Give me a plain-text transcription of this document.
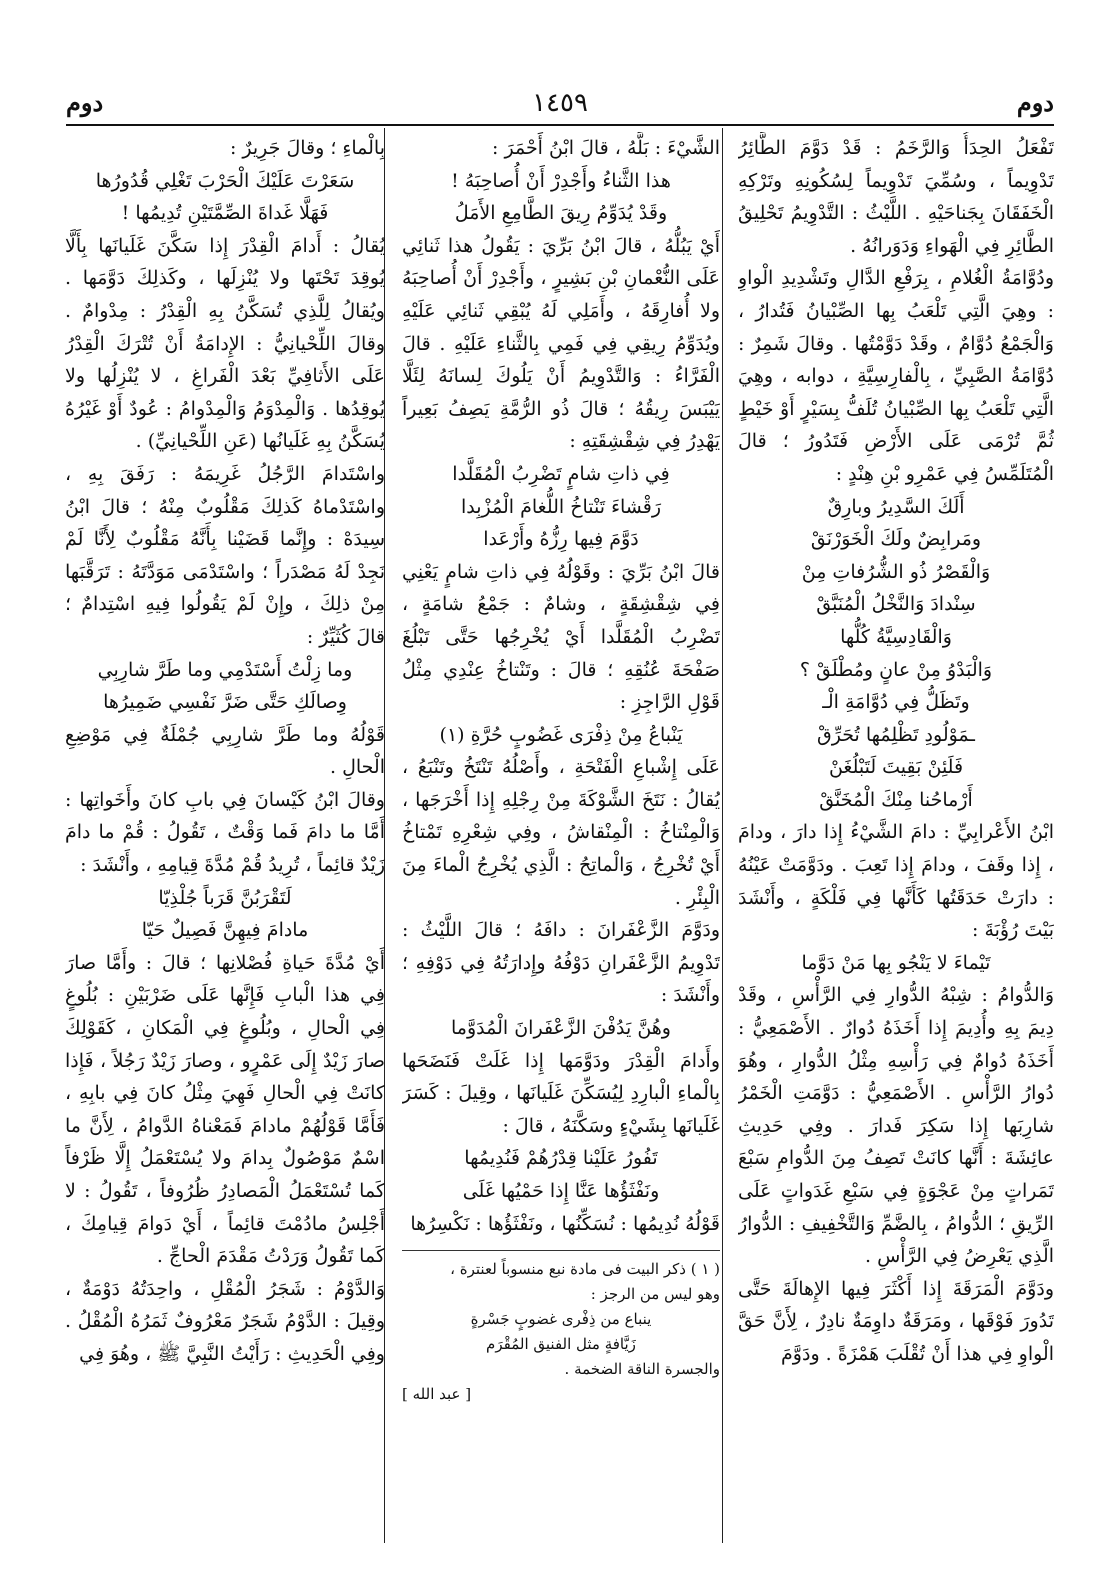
دوم
١٤٥٩
دوم

تَفْعَلُ الحِدَأُ وَالرَّخَمُ : قَدْ دَوَّمَ الطَّائِرُ تَدْوِيماً ، وسُمِّيَ تَدْوِيماً لِسُكُونِهِ وتَرْكِهِ الْخَفَقَانَ بِجَناحَيْهِ . اللَّيْثُ : التَّدْوِيمُ تَحْلِيقُ الطَّائِرِ فِي الْهَواءِ وَدَوَرانُهُ .

ودُوَّامَةُ الْغُلامِ ، بِرَفْعِ الدَّالِ وتَشْدِيدِ الْواوِ : وهِيَ الَّتِي تَلْعَبُ بِها الصِّبْيانُ فَتُدارُ ، وَالْجَمْعُ دُوَّامٌ ، وقَدْ دَوَّمْتُها . وقالَ شَمِرٌ : دُوَّامَةُ الصَّبِيِّ ، بِالْفارِسِيَّةِ ، دوابه ، وهِيَ الَّتِي تَلْعَبُ بِها الصِّبْيانُ تُلَفُّ بِسَيْرٍ أَوْ خَيْطٍ ثُمَّ تُرْمَى عَلَى الأَرْضِ فَتَدُورُ ؛ قالَ الْمُتَلَمِّسُ فِي عَمْرِو بْنِ هِنْدٍ :

أَلَكَ السَّدِيرُ وبارِقٌ

ومَرابِضٌ ولَكَ الْخَوَرْنَقْ

وَالْقَصْرُ ذُو الشُّرُفاتِ مِنْ

سِنْدادَ وَالنَّخْلُ الْمُنَبَّقْ

وَالْقَادِسِيَّةُ كُلُّها

وَالْبَدْوُ مِنْ عانٍ ومُطْلَقْ ؟

وتَظَلُّ فِي دُوَّامَةِ الْـ

ـمَوْلُودِ تَظْلِمُها تُحَرِّقْ

فَلَئِنْ بَقِيتَ لَتَبْلُغَنْ

أَرْماحُنا مِنْكَ الْمُخَنَّقْ

ابْنُ الأَعْرابِيِّ : دامَ الشَّيْءُ إِذا دارَ ، ودامَ ، إِذا وقَفَ ، ودامَ إِذا تَعِبَ . ودَوَّمَتْ عَيْنُهُ : دارَتْ حَدَقَتُها كَأَنَّها فِي فَلْكَةٍ ، وأَنْشَدَ بَيْتَ رُؤْبَةَ :

تَيْماءَ لا يَنْجُو بِها مَنْ دَوَّما

وَالدُّوامُ : شِبْهُ الدُّوارِ فِي الرَّأْسِ ، وقَدْ دِيمَ بِهِ وأُدِيمَ إِذا أَخَذَهُ دُوارٌ . الأَصْمَعِيُّ : أَخَذَهُ دُوامٌ فِي رَأْسِهِ مِثْلُ الدُّوارِ ، وهُوَ دُوارُ الرَّأْسِ . الأَصْمَعِيُّ : دَوَّمَتِ الْخَمْرُ شارِبَها إِذا سَكِرَ فَدارَ . وفِي حَدِيثِ عائِشَةَ : أَنَّها كانَتْ تَصِفُ مِنَ الدُّوامِ سَبْعَ تَمَراتٍ مِنْ عَجْوَةٍ فِي سَبْعِ غَدَواتٍ عَلَى الرِّيقِ ؛ الدُّوامُ ، بِالضَّمِّ وَالتَّخْفِيفِ : الدُّوارُ الَّذِي يَعْرِضُ فِي الرَّأْسِ .

ودَوَّمَ الْمَرَقَةَ إِذا أَكْثَرَ فِيها الإِهالَةَ حَتَّى تَدُورَ فَوْقَها ، ومَرَقَةٌ داوِمَةٌ نادِرٌ ، لِأَنَّ حَقَّ الْواوِ فِي هذا أَنْ تُقْلَبَ هَمْزَةً . ودَوَّمَ

الشَّيْءَ : بَلَّهُ ، قالَ ابْنُ أَحْمَرَ :

هذا الثَّناءُ وأَجْدِرْ أَنْ أُصاحِبَهُ !

وقَدْ يُدَوِّمُ رِيقَ الطَّامِعِ الأَمَلُ

أَيْ يَبُلُّهُ ، قالَ ابْنُ بَرِّيَ : يَقُولُ هذا ثَنائِي عَلَى النُّعْمانِ بْنِ بَشِيرٍ ، وأَجْدِرْ أَنْ أُصاحِبَهُ ولا أُفارِقَهُ ، وأَمَلِي لَهُ يُبْقِي ثَنائِي عَلَيْهِ ويُدَوِّمُ رِيقِي فِي فَمِي بِالثَّناءِ عَلَيْهِ . قالَ الْفَرَّاءُ : وَالتَّدْوِيمُ أَنْ يَلُوكَ لِسانَهُ لِئَلَّا يَيْبَسَ رِيقُهُ ؛ قالَ ذُو الرُّمَّةِ يَصِفُ بَعِيراً يَهْدِرُ فِي شِقْشِقَتِهِ :

فِي ذاتِ شامٍ تَضْرِبُ الْمُقَلَّدا

رَقْشاءَ تَنْتاخُ اللُّغامَ الْمُزْبِدا

دَوَّمَ فِيها رِزُّهُ وأَرْعَدا

قالَ ابْنُ بَرِّيَ : وقَوْلُهُ فِي ذاتِ شامٍ يَعْنِي فِي شِقْشِقَةٍ ، وشامٌ : جَمْعُ شامَةٍ ، تَضْرِبُ الْمُقَلَّدا أَيْ يُخْرِجُها حَتَّى تَبْلُغَ صَفْحَةَ عُنُقِهِ ؛ قالَ : وتَنْتاخُ عِنْدِي مِثْلُ قَوْلِ الرَّاجِزِ :

يَنْباعُ مِنْ ذِفْرَى غَضُوبٍ حُرَّةِ (١)

عَلَى إِشْباعِ الْفَتْحَةِ ، وأَصْلُهُ تَنْتَخُ وتَنْبَعُ ، يُقالُ : نَتَخَ الشَّوْكَةَ مِنْ رِجْلِهِ إِذا أَخْرَجَها ، وَالْمِنْتاخُ : الْمِنْقاشُ ، وفِي شِعْرِهِ تَمْتاخُ أَيْ تُخْرِجُ ، وَالْماتِحُ : الَّذِي يُخْرِجُ الْماءَ مِنَ الْبِئْرِ .

ودَوَّمَ الزَّعْفَرانَ : دافَهُ ؛ قالَ اللَّيْثُ : تَدْوِيمُ الزَّعْفَرانِ دَوْفُهُ وإِدارَتُهُ فِي دَوْفِهِ ؛ وأَنْشَدَ :

وهُنَّ يَدُفْنَ الزَّعْفَرانَ الْمُدَوَّما

وأَدامَ الْقِدْرَ ودَوَّمَها إِذا غَلَتْ فَنَضَحَها بِالْماءِ الْبارِدِ لِيُسَكِّنَ غَلَيانَها ، وقِيلَ : كَسَرَ غَلَيانَها بِشَيْءٍ وسَكَّنَهُ ، قالَ :

تَفُورُ عَلَيْنا قِدْرُهُمْ فَنُدِيمُها

ونَفْثَؤُها عَنَّا إِذا حَمْيُها غَلَى

قَوْلُهُ نُدِيمُها : نُسَكِّنُها ، ونَفْثَؤُها : نَكْسِرُها

( ١ ) ذكر البيت فى مادة نبع منسوباً لعنترة ،

وهو ليس من الرجز :

ينباع من ذِفْرى غضوبٍ جَسْرةٍ

زَيَّافةٍ مثل الفنيق المُقْرَم

والجسرة الناقة الضخمة .

[ عبد الله ]

بِالْماءِ ؛ وقالَ جَرِيرٌ :

سَعَرْتَ عَلَيْكَ الْحَرْبَ تَغْلِي قُدُورُها

فَهَلَّا غَداةَ الصِّمَّتَيْنِ تُدِيمُها !

يُقالُ : أَدامَ الْقِدْرَ إِذا سَكَّنَ غَلَيانَها بِأَلَّا يُوقِدَ تَحْتَها ولا يُنْزِلَها ، وكَذلِكَ دَوَّمَها . ويُقالُ لِلَّذِي تُسَكَّنُ بِهِ الْقِدْرُ : مِدْوامٌ . وقالَ اللِّحْيانِيُّ : الإِدامَةُ أَنْ تُتْرَكَ الْقِدْرُ عَلَى الأَثافِيِّ بَعْدَ الْفَراغِ ، لا يُنْزِلُها ولا يُوقِدُها . وَالْمِدْوَمُ وَالْمِدْوامُ : عُودٌ أَوْ غَيْرُهُ يُسَكَّنُ بِهِ غَلَيانُها (عَنِ اللِّحْيانِيِّ) .

واسْتَدامَ الرَّجُلُ غَرِيمَهُ : رَفَقَ بِهِ ، واسْتَدْماهُ كَذلِكَ مَقْلُوبٌ مِنْهُ ؛ قالَ ابْنُ سِيدَهْ : وإِنَّما قَضَيْنا بِأَنَّهُ مَقْلُوبٌ لِأَنَّا لَمْ نَجِدْ لَهُ مَصْدَراً ؛ واسْتَدْمَى مَوَدَّتَهُ : تَرَقَّبَها مِنْ ذلِكَ ، وإِنْ لَمْ يَقُولُوا فِيهِ اسْتِدامٌ ؛ قالَ كُثَيِّرٌ :

وما زِلْتُ أَسْتَدْمِي وما طَرَّ شارِبِي

وِصالَكِ حَتَّى ضَرَّ نَفْسِي ضَمِيرُها

قَوْلُهُ وما طَرَّ شارِبِي جُمْلَةٌ فِي مَوْضِعِ الْحالِ .

وقالَ ابْنُ كَيْسانَ فِي بابِ كانَ وأَخَواتِها : أَمَّا ما دامَ فَما وَقْتٌ ، تَقُولُ : قُمْ ما دامَ زَيْدٌ قائِماً ، تُرِيدُ قُمْ مُدَّةَ قِيامِهِ ، وأَنْشَدَ :

لَتَقْرَبُنَّ قَرَباً جُلْذِيّا

مادامَ فِيهِنَّ فَصِيلٌ حَيّا

أَيْ مُدَّةَ حَياةِ فُصْلانِها ؛ قالَ : وأَمَّا صارَ فِي هذا الْبابِ فَإِنَّها عَلَى ضَرْبَيْنِ : بُلُوغٍ فِي الْحالِ ، وبُلُوغٍ فِي الْمَكانِ ، كَقَوْلِكَ صارَ زَيْدٌ إِلَى عَمْرٍو ، وصارَ زَيْدٌ رَجُلاً ، فَإِذا كانَتْ فِي الْحالِ فَهِيَ مِثْلُ كانَ فِي بابِهِ ، فَأَمَّا قَوْلُهُمْ مادامَ فَمَعْناهُ الدَّوامُ ، لِأَنَّ ما اسْمٌ مَوْصُولٌ بِدامَ ولا يُسْتَعْمَلُ إِلَّا ظَرْفاً كَما تُسْتَعْمَلُ الْمَصادِرُ ظُرُوفاً ، تَقُولُ : لا أَجْلِسُ مادُمْتَ قائِماً ، أَيْ دَوامَ قِيامِكَ ، كَما تَقُولُ وَرَدْتُ مَقْدَمَ الْحاجِّ .

وَالدَّوْمُ : شَجَرُ الْمُقْلِ ، واحِدَتُهُ دَوْمَةٌ ، وقِيلَ : الدَّوْمُ شَجَرٌ مَعْرُوفٌ ثَمَرُهُ الْمُقْلُ . وفِي الْحَدِيثِ : رَأَيْتُ النَّبِيَّ ﷺ ، وهُوَ فِي
